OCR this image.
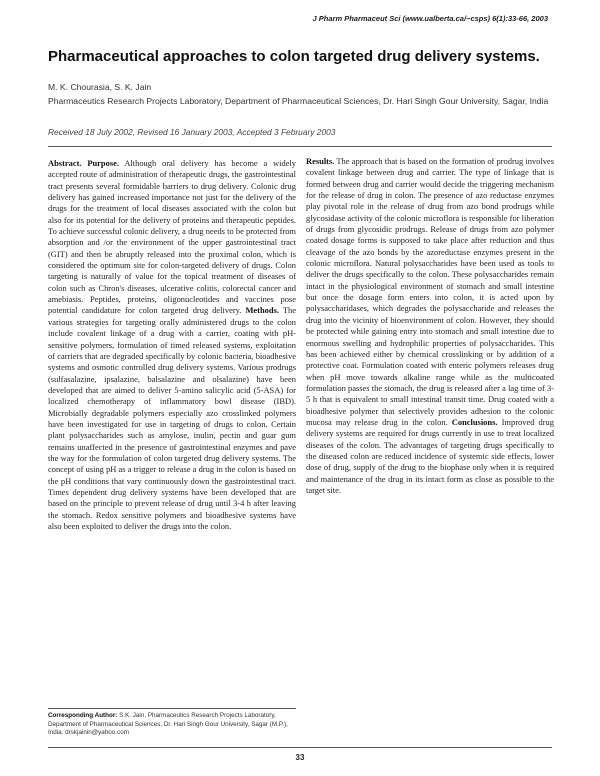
J Pharm Pharmaceut Sci (www.ualberta.ca/~csps) 6(1):33-66, 2003
Pharmaceutical approaches to colon targeted drug delivery systems.
M. K. Chourasia, S. K. Jain
Pharmaceutics Research Projects Laboratory, Department of Pharmaceutical Sciences, Dr. Hari Singh Gour University, Sagar, India
Received 18 July 2002, Revised 16 January 2003, Accepted 3 February 2003

Abstract. Purpose. Although oral delivery has become a widely accepted route of administration of therapeutic drugs, the gastrointestinal tract presents several formidable barriers to drug delivery. Colonic drug delivery has gained increased importance not just for the delivery of the drugs for the treatment of local diseases associated with the colon but also for its potential for the delivery of proteins and therapeutic peptides. To achieve successful colonic delivery, a drug needs to be protected from absorption and /or the environment of the upper gastrointestinal tract (GIT) and then be abruptly released into the proximal colon, which is considered the optimum site for colon-targeted delivery of drugs. Colon targeting is naturally of value for the topical treatment of diseases of colon such as Chron's diseases, ulcerative colitis, colorectal cancer and amebiasis. Peptides, proteins, oligonucleotides and vaccines pose potential candidature for colon targeted drug delivery. Methods. The various strategies for targeting orally administered drugs to the colon include covalent linkage of a drug with a carrier, coating with pH-sensitive polymers, formulation of timed released systems, exploitation of carriers that are degraded specifically by colonic bacteria, bioadhesive systems and osmotic controlled drug delivery systems. Various prodrugs (sulfasalazine, ipsalazine, balsalazine and olsalazine) have been developed that are aimed to deliver 5-amino salicylic acid (5-ASA) for localized chemotherapy of inflammatory bowl disease (IBD). Microbially degradable polymers especially azo crosslinked polymers have been investigated for use in targeting of drugs to colon. Certain plant polysaccharides such as amylose, inulin, pectin and guar gum remains unaffected in the presence of gastrointestinal enzymes and pave the way for the formulation of colon targeted drug delivery systems. The concept of using pH as a trigger to release a drug in the colon is based on the pH conditions that vary continuously down the gastrointestinal tract. Times dependent drug delivery systems have been developed that are based on the principle to prevent release of drug until 3-4 h after leaving the stomach. Redox sensitive polymers and bioadhesive systems have also been exploited to deliver the drugs into the colon.

Results. The approach that is based on the formation of prodrug involves covalent linkage between drug and carrier. The type of linkage that is formed between drug and carrier would decide the triggering mechanism for the release of drug in colon. The presence of azo reductase enzymes play pivotal role in the release of drug from azo bond prodrugs while glycosidase activity of the colonic microflora is responsible for liberation of drugs from glycosidic prodrugs. Release of drugs from azo polymer coated dosage forms is supposed to take place after reduction and thus cleavage of the azo bonds by the azoreductase enzymes present in the colonic microflora. Natural polysaccharides have been used as tools to deliver the drugs specifically to the colon. These polysaccharides remain intact in the physiological environment of stomach and small intestine but once the dosage form enters into colon, it is acted upon by polysaccharidases, which degrades the polysaccharide and releases the drug into the vicinity of bioenvironment of colon. However, they should be protected while gaining entry into stomach and small intestine due to enormous swelling and hydrophilic properties of polysaccharides. This has been achieved either by chemical crosslinking or by addition of a protective coat. Formulation coated with enteric polymers releases drug when pH move towards alkaline range while as the multicoated formulation passes the stomach, the drug is released after a lag time of 3-5 h that is equivalent to small intestinal transit time. Drug coated with a bioadhesive polymer that selectively provides adhesion to the colonic mucosa may release drug in the colon. Conclusions. Improved drug delivery systems are required for drugs currently in use to treat localized diseases of the colon. The advantages of targeting drugs specifically to the diseased colon are reduced incidence of systemic side effects, lower dose of drug, supply of the drug to the biophase only when it is required and maintenance of the drug in its intact form as close as possible to the target site.

Corresponding Author: S.K. Jain, Pharmaceutics Research Projects Laboratory, Department of Pharmaceutical Sciences, Dr. Hari Singh Gour University, Sagar (M.P.), India. drskjainin@yahoo.com
33
